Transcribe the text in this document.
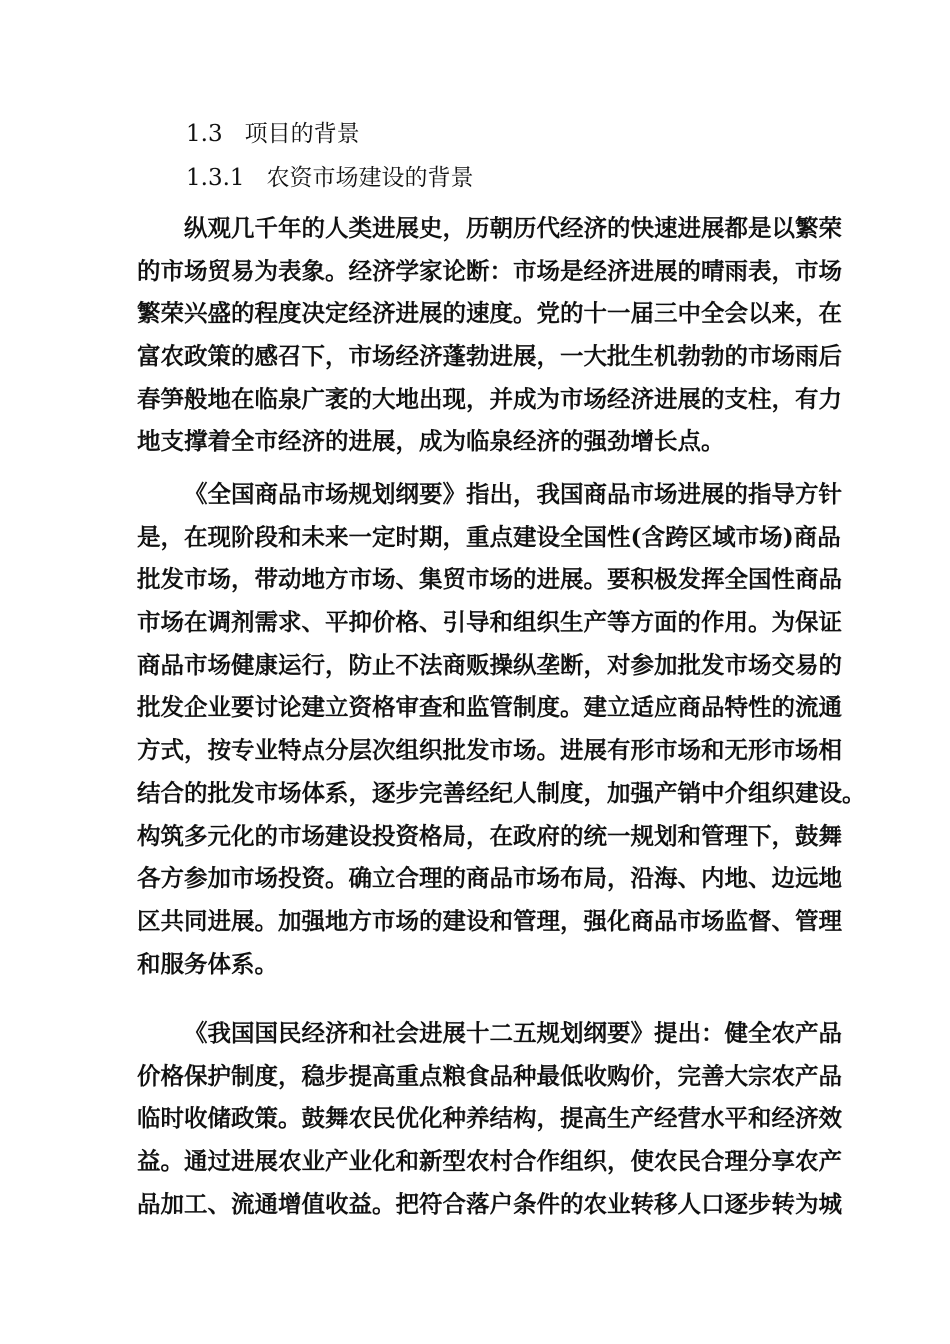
1.3 项目的背景
1.3.1 农资市场建设的背景
纵观几千年的人类进展史，历朝历代经济的快速进展都是以繁荣
的市场贸易为表象。经济学家论断：市场是经济进展的晴雨表，市场
繁荣兴盛的程度决定经济进展的速度。党的十一届三中全会以来，在
富农政策的感召下，市场经济蓬勃进展，一大批生机勃勃的市场雨后
春笋般地在临泉广袤的大地出现，并成为市场经济进展的支柱，有力
地支撑着全市经济的进展，成为临泉经济的强劲增长点。
《全国商品市场规划纲要》指出，我国商品市场进展的指导方针
是，在现阶段和未来一定时期，重点建设全国性(含跨区域市场)商品
批发市场，带动地方市场、集贸市场的进展。要积极发挥全国性商品
市场在调剂需求、平抑价格、引导和组织生产等方面的作用。为保证
商品市场健康运行，防止不法商贩操纵垄断，对参加批发市场交易的
批发企业要讨论建立资格审查和监管制度。建立适应商品特性的流通
方式，按专业特点分层次组织批发市场。进展有形市场和无形市场相
结合的批发市场体系，逐步完善经纪人制度，加强产销中介组织建设。
构筑多元化的市场建设投资格局，在政府的统一规划和管理下，鼓舞
各方参加市场投资。确立合理的商品市场布局，沿海、内地、边远地
区共同进展。加强地方市场的建设和管理，强化商品市场监督、管理
和服务体系。
《我国国民经济和社会进展十二五规划纲要》提出：健全农产品
价格保护制度，稳步提高重点粮食品种最低收购价，完善大宗农产品
临时收储政策。鼓舞农民优化种养结构，提高生产经营水平和经济效
益。通过进展农业产业化和新型农村合作组织，使农民合理分享农产
品加工、流通增值收益。把符合落户条件的农业转移人口逐步转为城
